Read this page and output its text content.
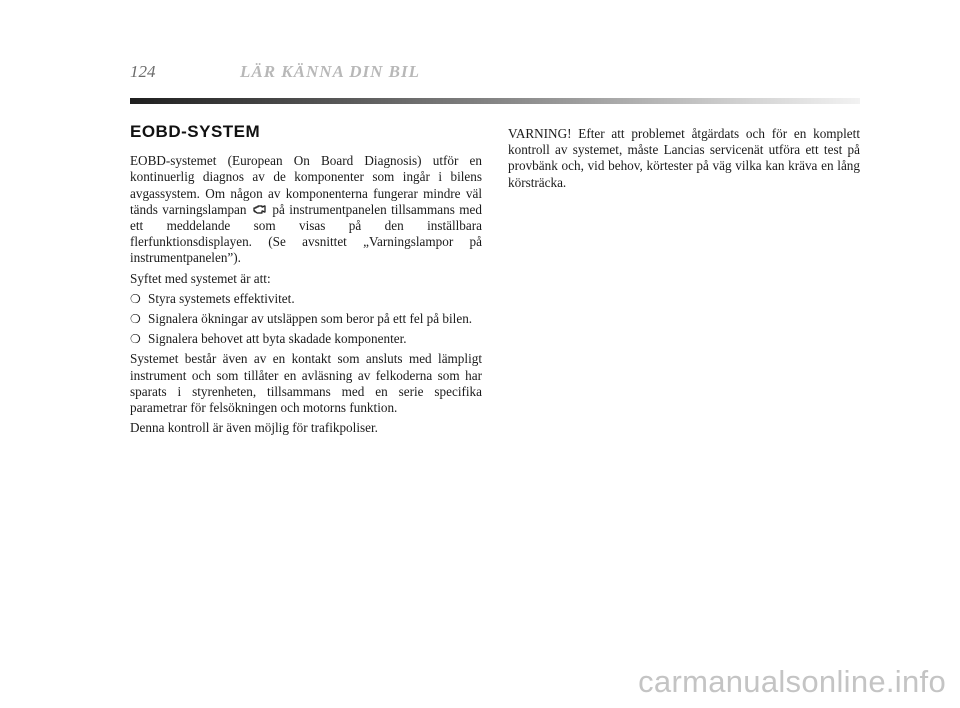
124	LÄR KÄNNA DIN BIL
EOBD-SYSTEM

EOBD-systemet (European On Board Diagnosis) utför en kontinuerlig diagnos av de komponenter som ingår i bilens avgassystem. Om någon av komponenterna fungerar mindre väl tänds varningslampan på instrumentpanelen tillsammans med ett meddelande som visas på den inställbara flerfunktionsdisplayen. (Se avsnittet „Varningslampor på instrumentpanelen”).

Syftet med systemet är att:

❍ Styra systemets effektivitet.
❍ Signalera ökningar av utsläppen som beror på ett fel på bilen.
❍ Signalera behovet att byta skadade komponenter.

Systemet består även av en kontakt som ansluts med lämpligt instrument och som tillåter en avläsning av felkoderna som har sparats i styrenheten, tillsammans med en serie specifika parametrar för felsökningen och motorns funktion.

Denna kontroll är även möjlig för trafikpoliser.

VARNING! Efter att problemet åtgärdats och för en komplett kontroll av systemet, måste Lancias servicenät utföra ett test på provbänk och, vid behov, körtester på väg vilka kan kräva en lång körsträcka.

carmanualsonline.info
